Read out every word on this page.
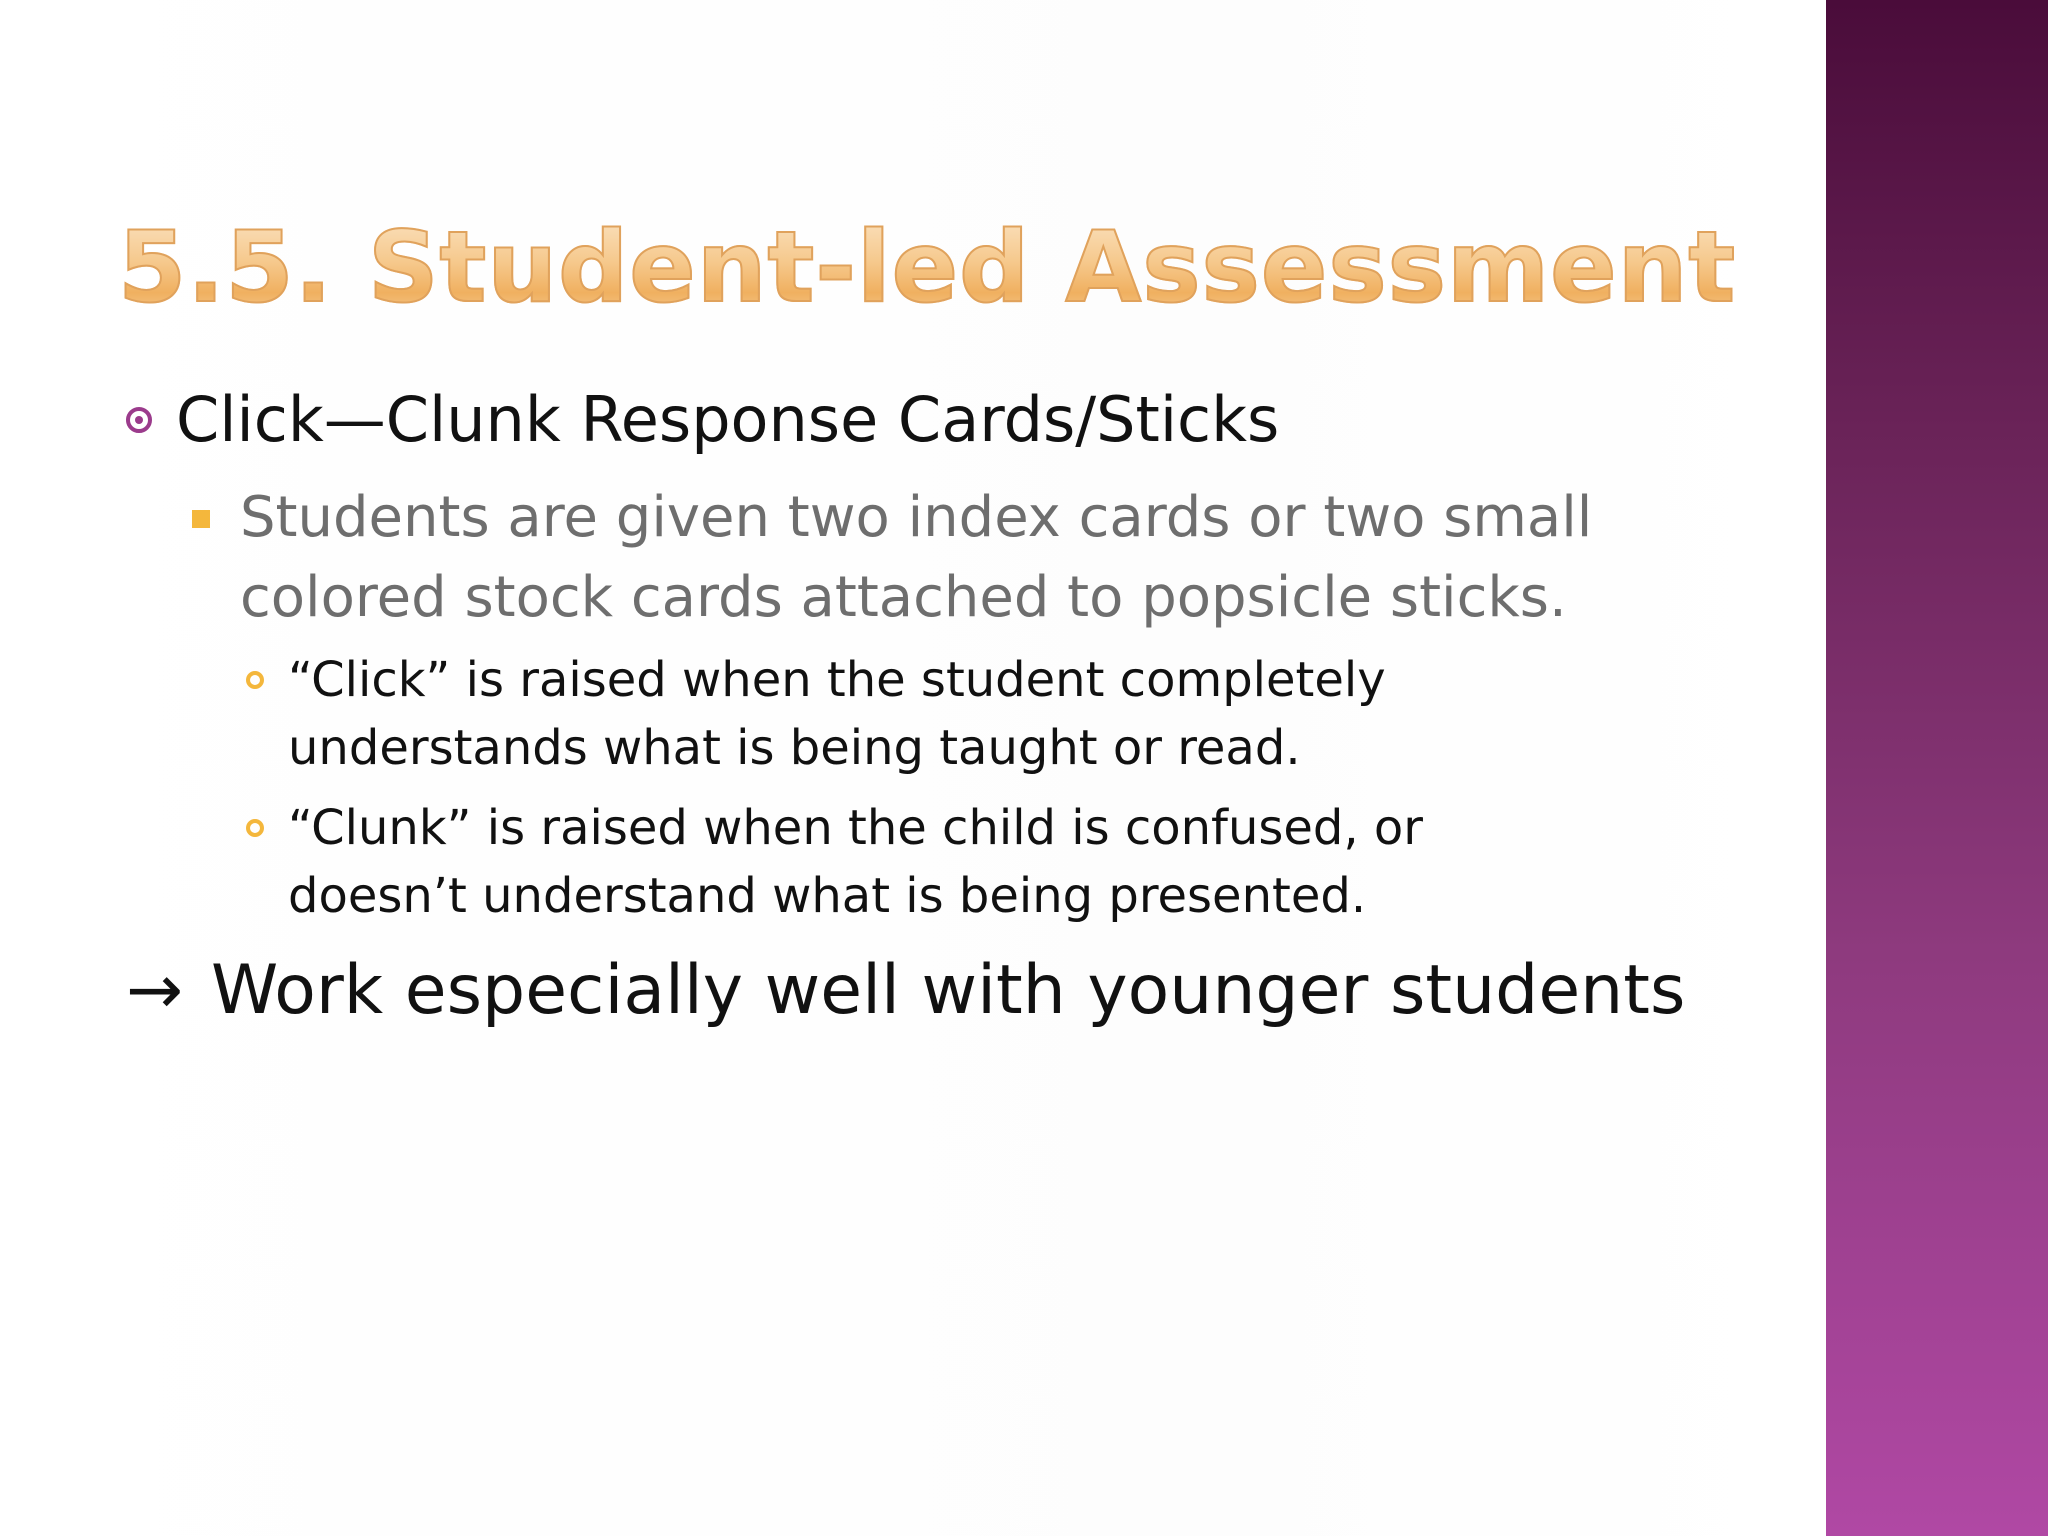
5.5. Student-led Assessment
Click—Clunk Response Cards/Sticks
Students are given two index cards or two small colored stock cards attached to popsicle sticks.
“Click” is raised when the student completely understands what is being taught or read.
“Clunk” is raised when the child is confused, or doesn’t understand what is being presented.
→ Work especially well with younger students
